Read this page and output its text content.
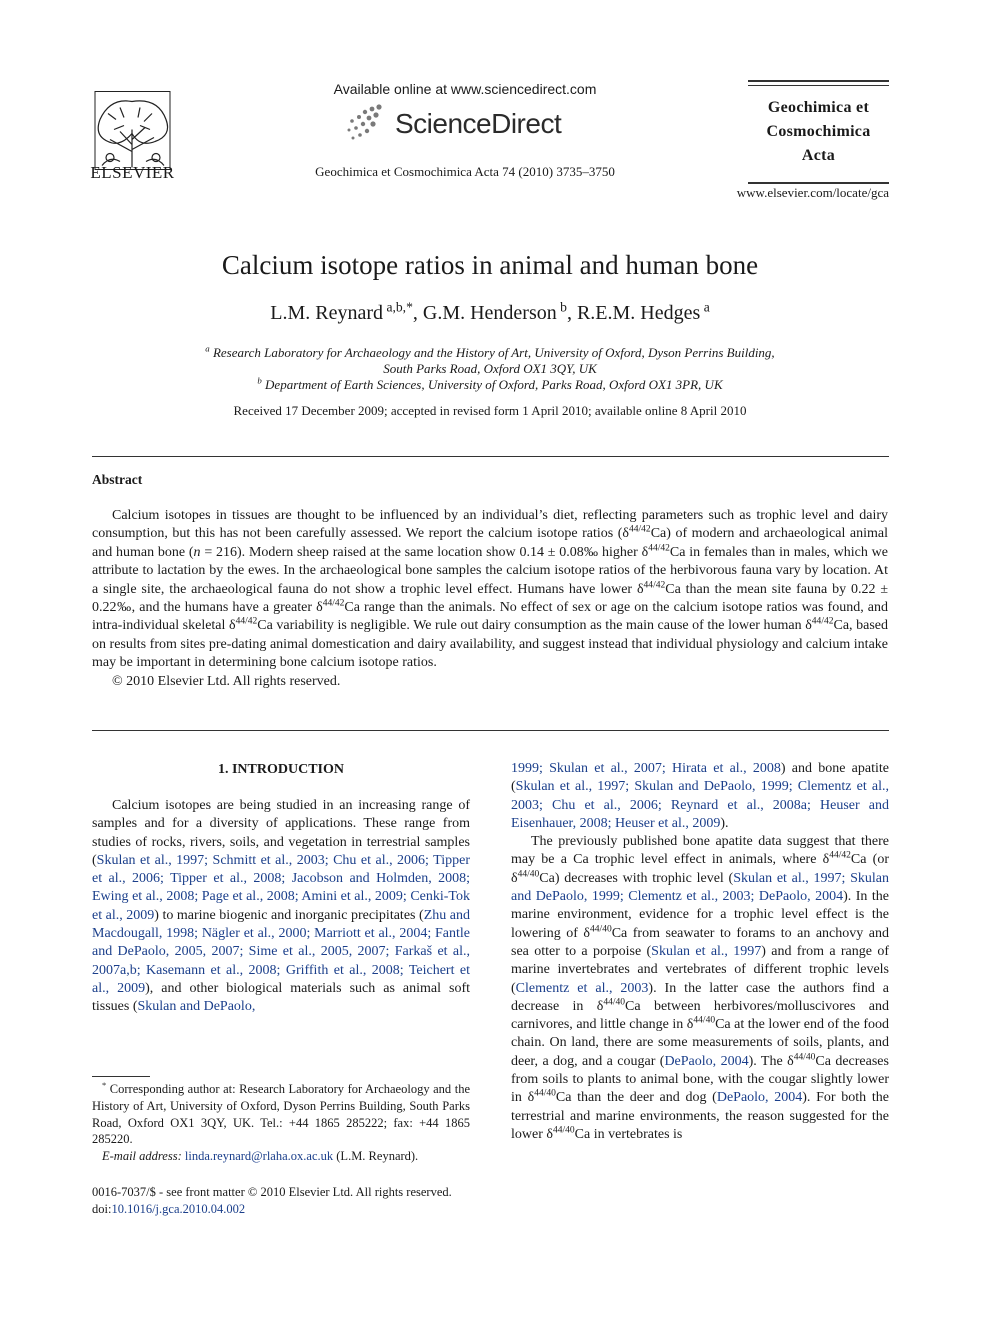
ELSEVIER
Available online at www.sciencedirect.com
ScienceDirect
Geochimica et Cosmochimica Acta 74 (2010) 3735–3750
Geochimica et
Cosmochimica
Acta
www.elsevier.com/locate/gca
Calcium isotope ratios in animal and human bone
L.M. Reynard $^{a,b,*}$, G.M. Henderson $^b$, R.E.M. Hedges $^a$
$^a$ Research Laboratory for Archaeology and the History of Art, University of Oxford, Dyson Perrins Building,
South Parks Road, Oxford OX1 3QY, UK
$^b$ Department of Earth Sciences, University of Oxford, Parks Road, Oxford OX1 3PR, UK
Received 17 December 2009; accepted in revised form 1 April 2010; available online 8 April 2010
Abstract

Calcium isotopes in tissues are thought to be influenced by an individual’s diet, reflecting parameters such as trophic level and dairy consumption, but this has not been carefully assessed. We report the calcium isotope ratios $(\delta^{44/42}Ca)$ of modern and archaeological animal and human bone (n = 216). Modern sheep raised at the same location show 0.14 ± 0.08‰ higher $\delta^{44/42}Ca$ in females than in males, which we attribute to lactation by the ewes. In the archaeological bone samples the calcium isotope ratios of the herbivorous fauna vary by location. At a single site, the archaeological fauna do not show a trophic level effect. Humans have lower $\delta^{44/42}Ca$ than the mean site fauna by 0.22 ± 0.22‰, and the humans have a greater $\delta^{44/42}Ca$ range than the animals. No effect of sex or age on the calcium isotope ratios was found, and intra-individual skeletal $\delta^{44/42}Ca$ variability is negligible. We rule out dairy consumption as the main cause of the lower human $\delta^{44/42}Ca$, based on results from sites pre-dating animal domestication and dairy availability, and suggest instead that individual physiology and calcium intake may be important in determining bone calcium isotope ratios.

© 2010 Elsevier Ltd. All rights reserved.

1. INTRODUCTION

Calcium isotopes are being studied in an increasing range of samples and for a diversity of applications. These range from studies of rocks, rivers, soils, and vegetation in terrestrial samples (Skulan et al., 1997; Schmitt et al., 2003; Chu et al., 2006; Tipper et al., 2006; Tipper et al., 2008; Jacobson and Holmden, 2008; Ewing et al., 2008; Page et al., 2008; Amini et al., 2009; Cenki-Tok et al., 2009) to marine biogenic and inorganic precipitates (Zhu and Macdougall, 1998; Nägler et al., 2000; Marriott et al., 2004; Fantle and DePaolo, 2005, 2007; Sime et al., 2005, 2007; Farkaš et al., 2007a,b; Kasemann et al., 2008; Griffith et al., 2008; Teichert et al., 2009), and other biological materials such as animal soft tissues (Skulan and DePaolo,

1999; Skulan et al., 2007; Hirata et al., 2008) and bone apatite (Skulan et al., 1997; Skulan and DePaolo, 1999; Clementz et al., 2003; Chu et al., 2006; Reynard et al., 2008a; Heuser and Eisenhauer, 2008; Heuser et al., 2009).

The previously published bone apatite data suggest that there may be a Ca trophic level effect in animals, where $\delta^{44/42}Ca$ (or $\delta^{44/40}Ca$) decreases with trophic level (Skulan et al., 1997; Skulan and DePaolo, 1999; Clementz et al., 2003; DePaolo, 2004). In the marine environment, evidence for a trophic level effect is the lowering of $\delta^{44/40}Ca$ from seawater to forams to an anchovy and sea otter to a porpoise (Skulan et al., 1997) and from a range of marine invertebrates and vertebrates of different trophic levels (Clementz et al., 2003). In the latter case the authors find a decrease in $\delta^{44/40}Ca$ between herbivores/molluscivores and carnivores, and little change in $\delta^{44/40}Ca$ at the lower end of the food chain. On land, there are some measurements of soils, plants, and deer, a dog, and a cougar (DePaolo, 2004). The $\delta^{44/40}Ca$ decreases from soils to plants to animal bone, with the cougar slightly lower in $\delta^{44/40}Ca$ than the deer and dog (DePaolo, 2004). For both the terrestrial and marine environments, the reason suggested for the lower $\delta^{44/40}Ca$ in vertebrates is

* Corresponding author at: Research Laboratory for Archaeology and the History of Art, University of Oxford, Dyson Perrins Building, South Parks Road, Oxford OX1 3QY, UK. Tel.: +44 1865 285222; fax: +44 1865 285220.

E-mail address: linda.reynard@rlaha.ox.ac.uk (L.M. Reynard).

0016-7037/$ - see front matter © 2010 Elsevier Ltd. All rights reserved.
doi:10.1016/j.gca.2010.04.002
